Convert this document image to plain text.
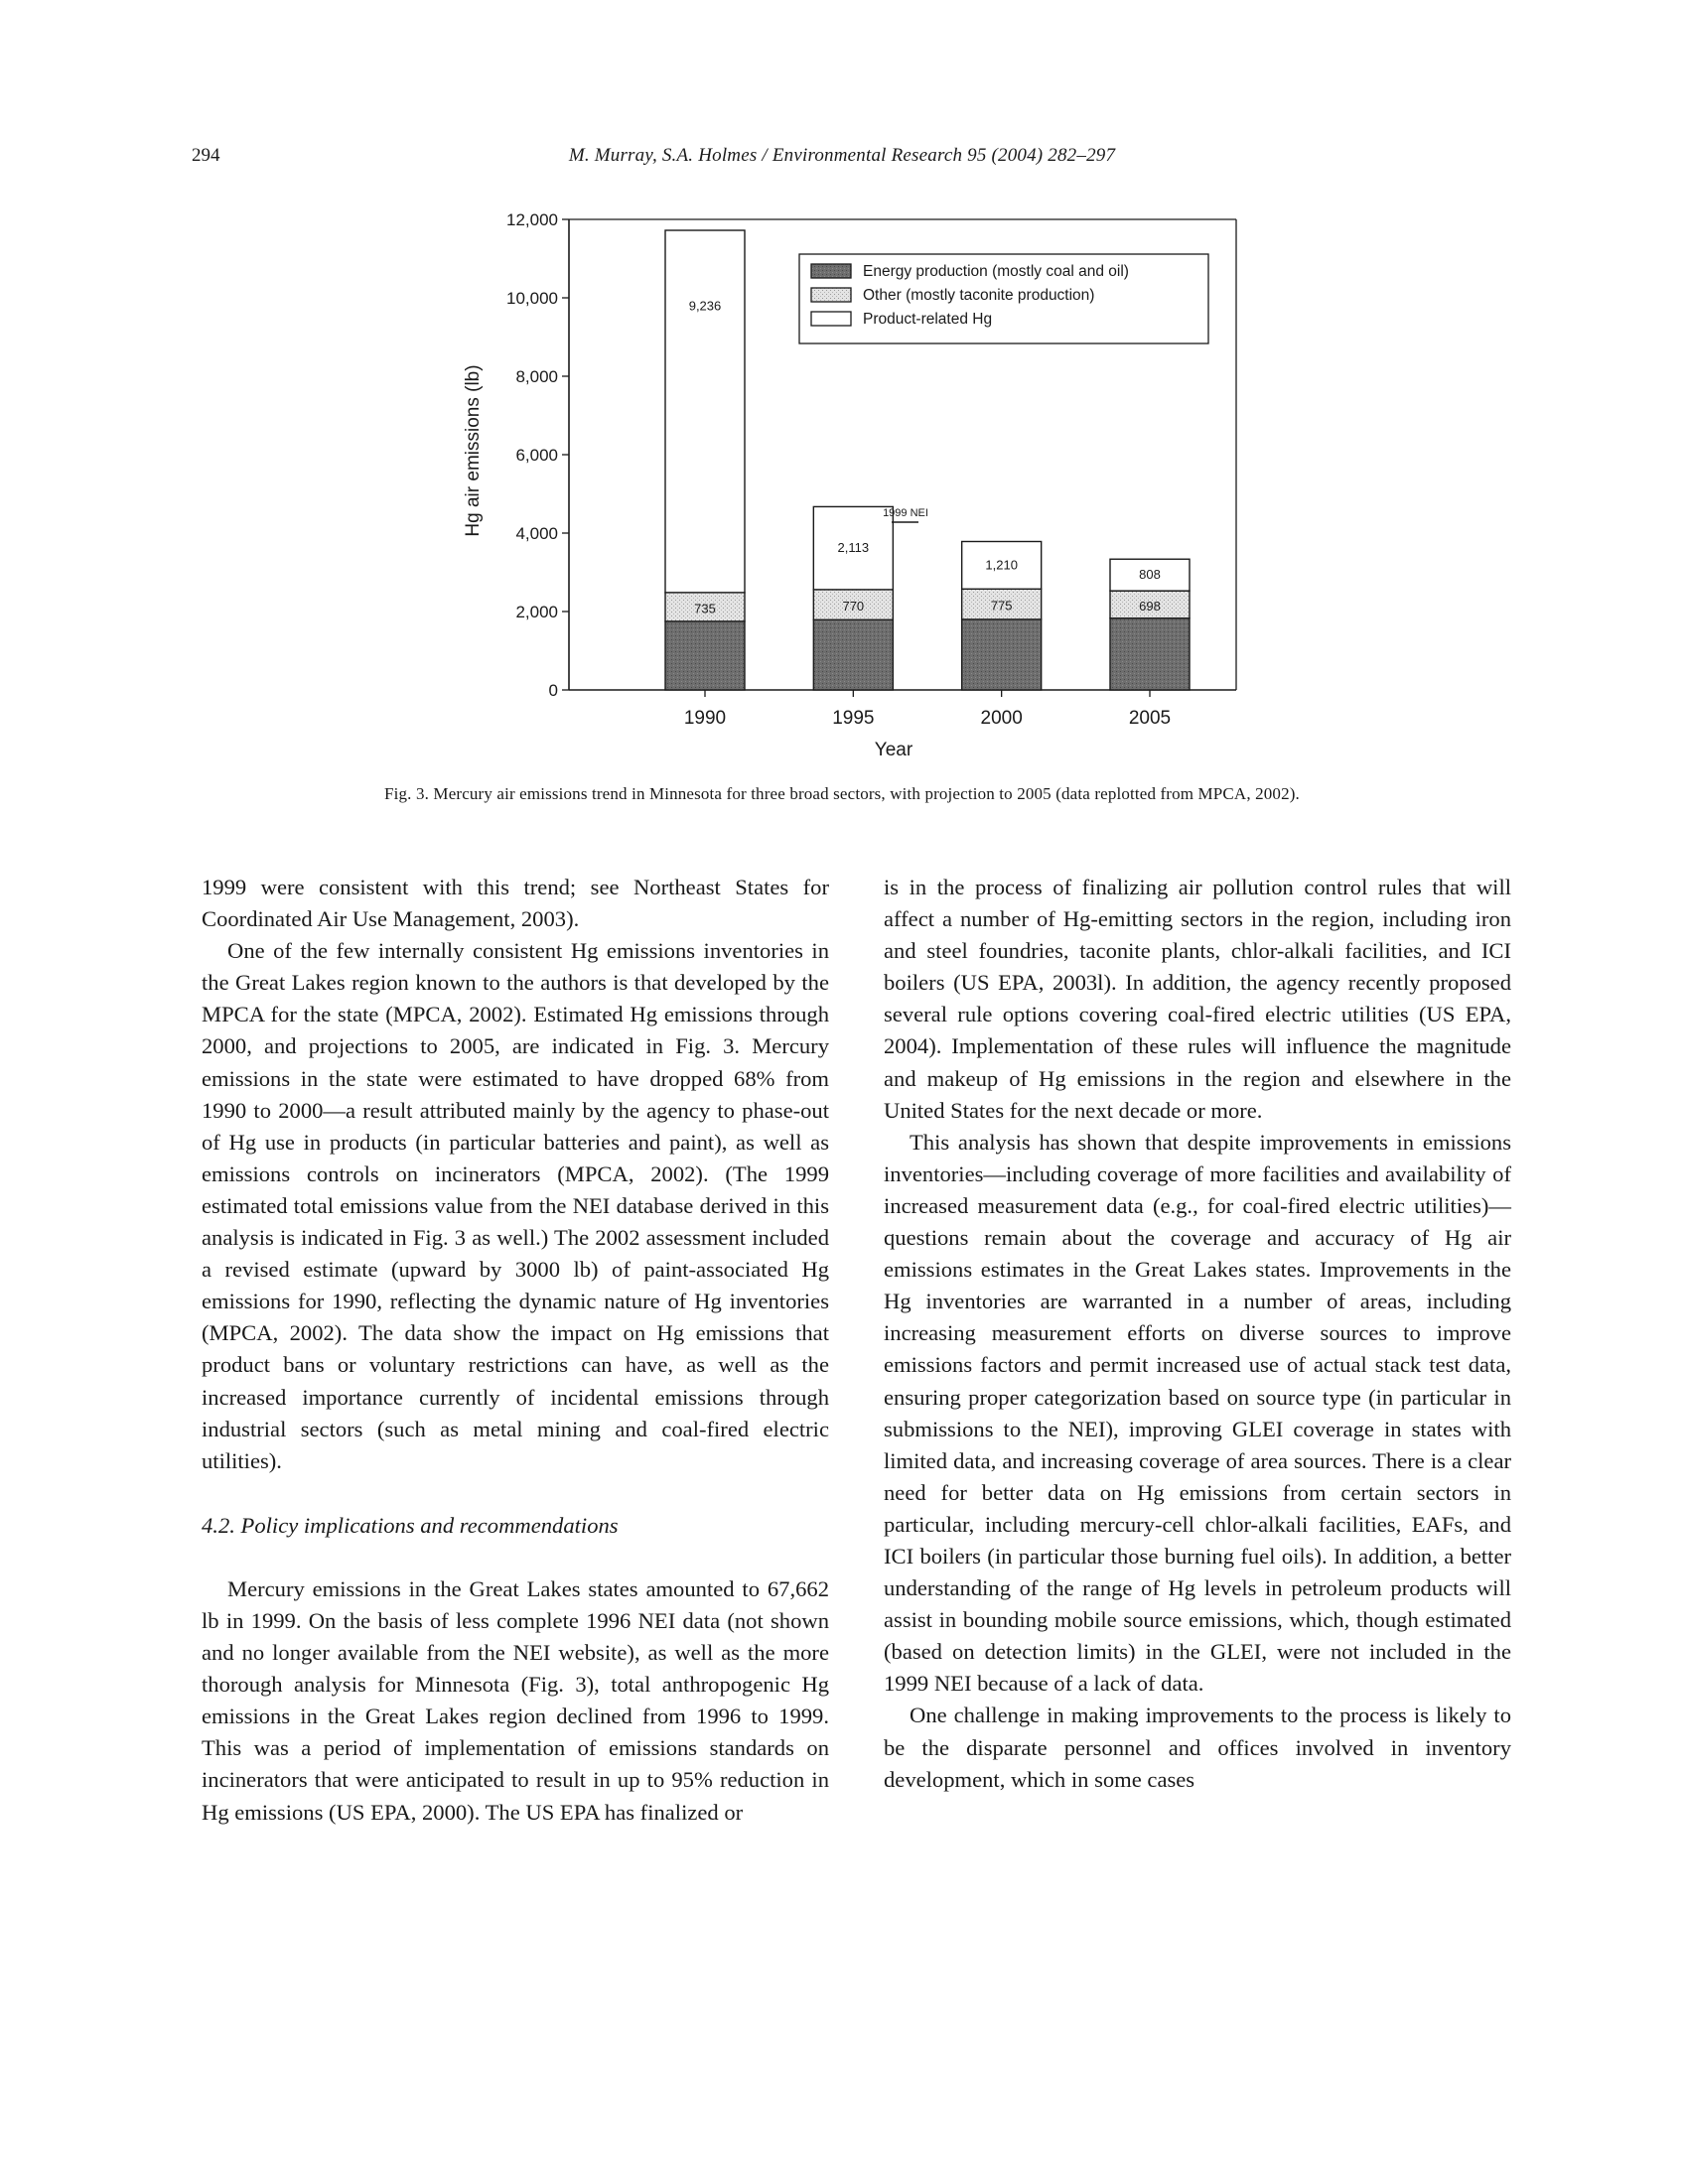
294	M. Murray, S.A. Holmes / Environmental Research 95 (2004) 282–297
0
2,000
4,000
6,000
8,000
10,000
12,000
1990	1995	2000	2005
735
9,236
770
2,113
775
1,210
698
808
Energy production (mostly coal and oil)
Other (mostly taconite production)
Product-related Hg
1999 NEI
Hg air emissions (lb)
Year
Fig. 3. Mercury air emissions trend in Minnesota for three broad sectors, with projection to 2005 (data replotted from MPCA, 2002).

1999 were consistent with this trend; see Northeast States for Coordinated Air Use Management, 2003).

One of the few internally consistent Hg emissions inventories in the Great Lakes region known to the authors is that developed by the MPCA for the state (MPCA, 2002). Estimated Hg emissions through 2000, and projections to 2005, are indicated in Fig. 3. Mercury emissions in the state were estimated to have dropped 68% from 1990 to 2000—a result attributed mainly by the agency to phase-out of Hg use in products (in particular batteries and paint), as well as emissions controls on incinerators (MPCA, 2002). (The 1999 estimated total emissions value from the NEI database derived in this analysis is indicated in Fig. 3 as well.) The 2002 assessment included a revised estimate (upward by 3000 lb) of paint-associated Hg emissions for 1990, reflecting the dynamic nature of Hg inventories (MPCA, 2002). The data show the impact on Hg emissions that product bans or voluntary restrictions can have, as well as the increased importance currently of incidental emissions through industrial sectors (such as metal mining and coal-fired electric utilities).

4.2. Policy implications and recommendations

Mercury emissions in the Great Lakes states amounted to 67,662 lb in 1999. On the basis of less complete 1996 NEI data (not shown and no longer available from the NEI website), as well as the more thorough analysis for Minnesota (Fig. 3), total anthropogenic Hg emissions in the Great Lakes region declined from 1996 to 1999. This was a period of implementation of emissions standards on incinerators that were anticipated to result in up to 95% reduction in Hg emissions (US EPA, 2000). The US EPA has finalized or

is in the process of finalizing air pollution control rules that will affect a number of Hg-emitting sectors in the region, including iron and steel foundries, taconite plants, chlor-alkali facilities, and ICI boilers (US EPA, 2003l). In addition, the agency recently proposed several rule options covering coal-fired electric utilities (US EPA, 2004). Implementation of these rules will influence the magnitude and makeup of Hg emissions in the region and elsewhere in the United States for the next decade or more.

This analysis has shown that despite improvements in emissions inventories—including coverage of more facilities and availability of increased measurement data (e.g., for coal-fired electric utilities)—questions remain about the coverage and accuracy of Hg air emissions estimates in the Great Lakes states. Improvements in the Hg inventories are warranted in a number of areas, including increasing measurement efforts on diverse sources to improve emissions factors and permit increased use of actual stack test data, ensuring proper categorization based on source type (in particular in submissions to the NEI), improving GLEI coverage in states with limited data, and increasing coverage of area sources. There is a clear need for better data on Hg emissions from certain sectors in particular, including mercury-cell chlor-alkali facilities, EAFs, and ICI boilers (in particular those burning fuel oils). In addition, a better understanding of the range of Hg levels in petroleum products will assist in bounding mobile source emissions, which, though estimated (based on detection limits) in the GLEI, were not included in the 1999 NEI because of a lack of data.

One challenge in making improvements to the process is likely to be the disparate personnel and offices involved in inventory development, which in some cases
